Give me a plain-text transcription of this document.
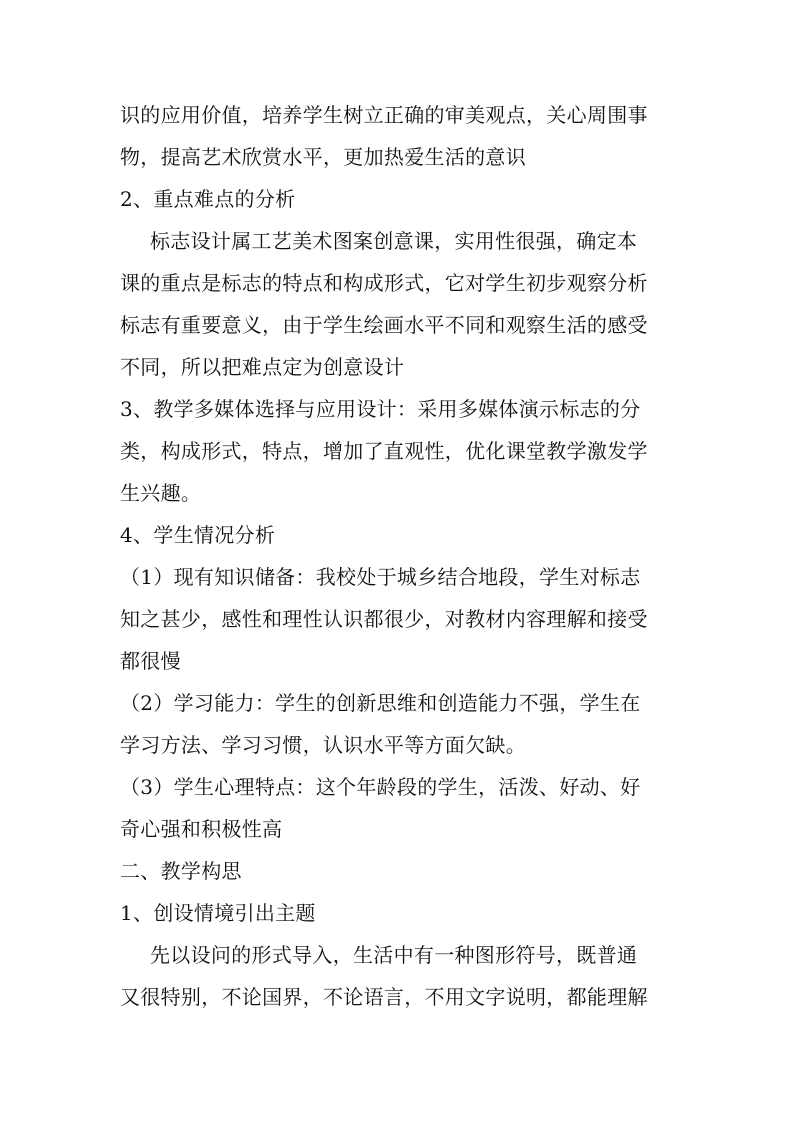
识的应用价值，培养学生树立正确的审美观点，关心周围事
物，提高艺术欣赏水平，更加热爱生活的意识
2、重点难点的分析
标志设计属工艺美术图案创意课，实用性很强，确定本
课的重点是标志的特点和构成形式，它对学生初步观察分析
标志有重要意义，由于学生绘画水平不同和观察生活的感受
不同，所以把难点定为创意设计
3、教学多媒体选择与应用设计：采用多媒体演示标志的分
类，构成形式，特点，增加了直观性，优化课堂教学激发学
生兴趣。
4、学生情况分析
（1）现有知识储备：我校处于城乡结合地段，学生对标志
知之甚少，感性和理性认识都很少，对教材内容理解和接受
都很慢
（2）学习能力：学生的创新思维和创造能力不强，学生在
学习方法、学习习惯，认识水平等方面欠缺。
（3）学生心理特点：这个年龄段的学生，活泼、好动、好
奇心强和积极性高
二、教学构思
1、创设情境引出主题
先以设问的形式导入，生活中有一种图形符号，既普通
又很特别，不论国界，不论语言，不用文字说明，都能理解
